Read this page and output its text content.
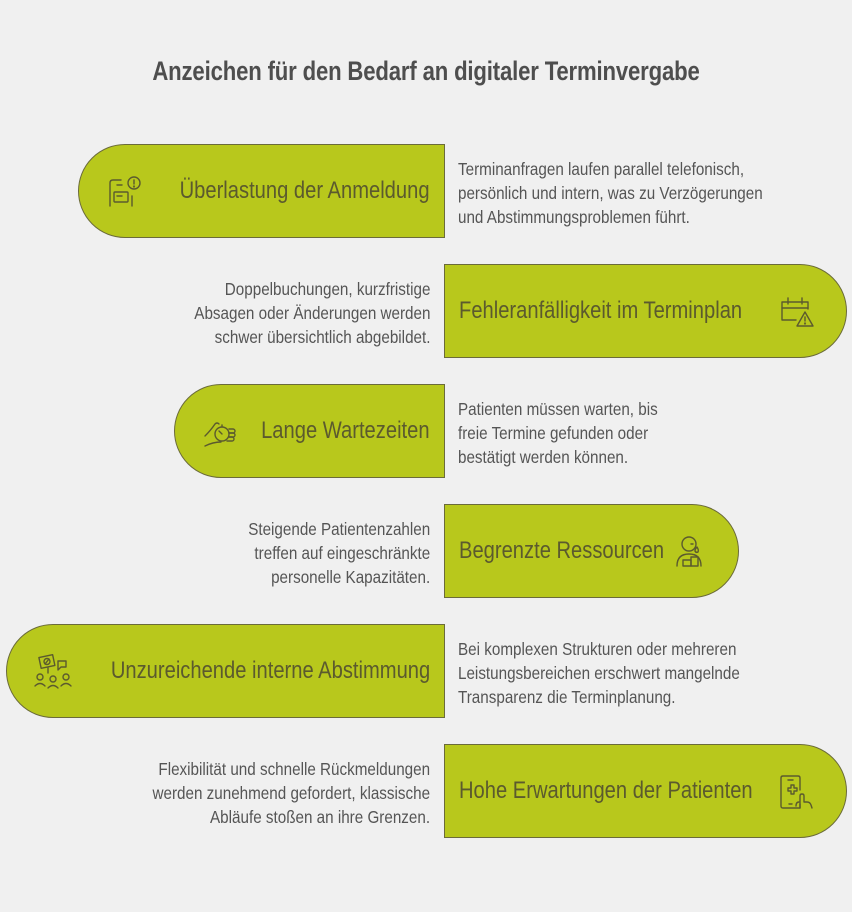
Anzeichen für den Bedarf an digitaler Terminvergabe
Überlastung der Anmeldung
Terminanfragen laufen parallel telefonisch,
persönlich und intern, was zu Verzögerungen
und Abstimmungsproblemen führt.
Fehleranfälligkeit im Terminplan
Doppelbuchungen, kurzfristige
Absagen oder Änderungen werden
schwer übersichtlich abgebildet.
Lange Wartezeiten
Patienten müssen warten, bis
freie Termine gefunden oder
bestätigt werden können.
Begrenzte Ressourcen
Steigende Patientenzahlen
treffen auf eingeschränkte
personelle Kapazitäten.
Unzureichende interne Abstimmung
Bei komplexen Strukturen oder mehreren
Leistungsbereichen erschwert mangelnde
Transparenz die Terminplanung.
Hohe Erwartungen der Patienten
Flexibilität und schnelle Rückmeldungen
werden zunehmend gefordert, klassische
Abläufe stoßen an ihre Grenzen.
